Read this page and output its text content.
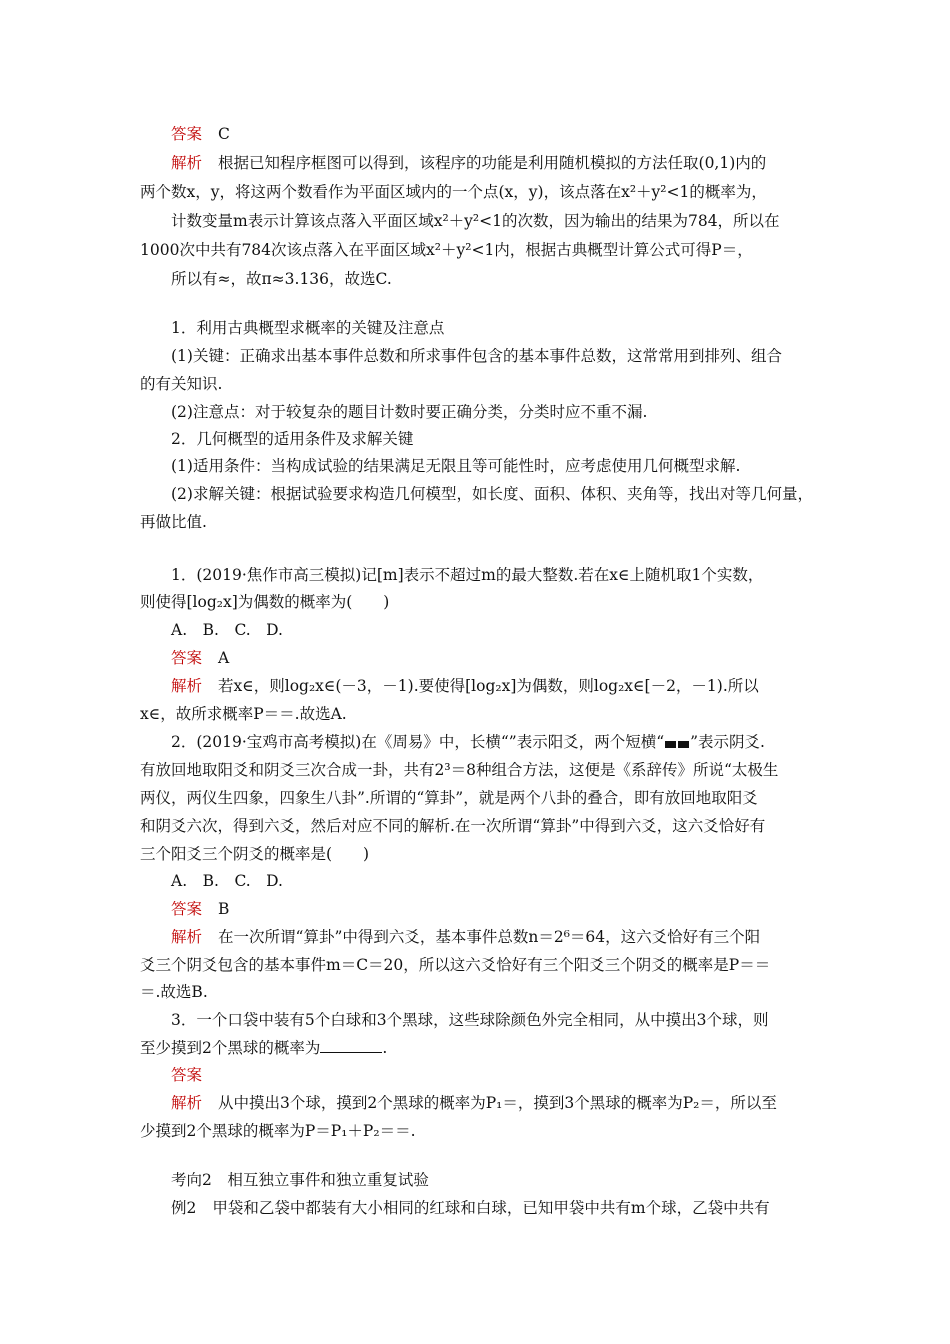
答案 C
解析 根据已知程序框图可以得到，该程序的功能是利用随机模拟的方法任取(0,1)内的
两个数x，y，将这两个数看作为平面区域内的一个点(x，y)，该点落在x²＋y²<1的概率为，
计数变量m表示计算该点落入平面区域x²＋y²<1的次数，因为输出的结果为784，所以在
1000次中共有784次该点落入在平面区域x²＋y²<1内，根据古典概型计算公式可得P＝，
所以有≈，故π≈3.136，故选C.
1．利用古典概型求概率的关键及注意点
(1)关键：正确求出基本事件总数和所求事件包含的基本事件总数，这常常用到排列、组合
的有关知识.
(2)注意点：对于较复杂的题目计数时要正确分类，分类时应不重不漏.
2．几何概型的适用条件及求解关键
(1)适用条件：当构成试验的结果满足无限且等可能性时，应考虑使用几何概型求解.
(2)求解关键：根据试验要求构造几何模型，如长度、面积、体积、夹角等，找出对等几何量，
再做比值.
1．(2019·焦作市高三模拟)记[m]表示不超过m的最大整数.若在x∈上随机取1个实数，
则使得[log₂x]为偶数的概率为(　　)
A.　B.　C.　D.
答案 A
解析 若x∈，则log₂x∈(－3，－1).要使得[log₂x]为偶数，则log₂x∈[－2，－1).所以
x∈，故所求概率P＝＝.故选A.
2．(2019·宝鸡市高考模拟)在《周易》中，长横“”表示阳爻，两个短横“ ”表示阴爻.
有放回地取阳爻和阴爻三次合成一卦，共有2³＝8种组合方法，这便是《系辞传》所说“太极生
两仪，两仪生四象，四象生八卦”.所谓的“算卦”，就是两个八卦的叠合，即有放回地取阳爻
和阴爻六次，得到六爻，然后对应不同的解析.在一次所谓“算卦”中得到六爻，这六爻恰好有
三个阳爻三个阴爻的概率是(　　)
A.　B.　C.　D.
答案 B
解析 在一次所谓“算卦”中得到六爻，基本事件总数n＝2⁶＝64，这六爻恰好有三个阳
爻三个阴爻包含的基本事件m＝C＝20，所以这六爻恰好有三个阳爻三个阴爻的概率是P＝＝
＝.故选B.
3．一个口袋中装有5个白球和3个黑球，这些球除颜色外完全相同，从中摸出3个球，则
至少摸到2个黑球的概率为	.
答案
解析 从中摸出3个球，摸到2个黑球的概率为P₁＝，摸到3个黑球的概率为P₂＝，所以至
少摸到2个黑球的概率为P＝P₁＋P₂＝＝.
考向2　相互独立事件和独立重复试验
例2 甲袋和乙袋中都装有大小相同的红球和白球，已知甲袋中共有m个球，乙袋中共有
